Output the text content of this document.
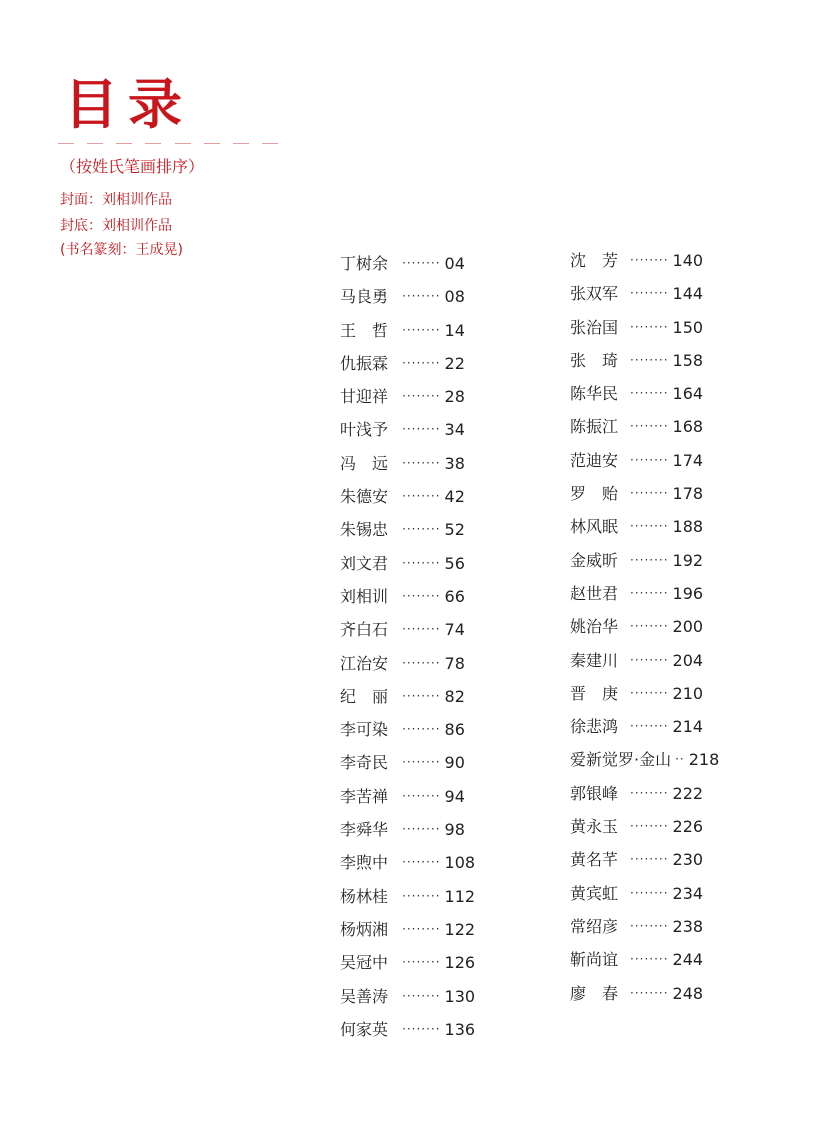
目录
（按姓氏笔画排序）
封面：刘相训作品
封底：刘相训作品
(书名篆刻：王成晃)
丁树余	········ 04
马良勇	········ 08
王　哲	········ 14
仇振霖	········ 22
甘迎祥	········ 28
叶浅予	········ 34
冯　远	········ 38
朱德安	········ 42
朱锡忠	········ 52
刘文君	········ 56
刘相训	········ 66
齐白石	········ 74
江治安	········ 78
纪　丽	········ 82
李可染	········ 86
李奇民	········ 90
李苦禅	········ 94
李舜华	········ 98
李煦中	········ 108
杨林桂	········ 112
杨炳湘	········ 122
吴冠中	········ 126
吴善涛	········ 130
何家英	········ 136
沈　芳 ········ 140
张双军 ········ 144
张治国 ········ 150
张　琦 ········ 158
陈华民 ········ 164
陈振江 ········ 168
范迪安 ········ 174
罗　贻 ········ 178
林风眠 ········ 188
金威昕 ········ 192
赵世君 ········ 196
姚治华 ········ 200
秦建川 ········ 204
晋　庚 ········ 210
徐悲鸿 ········ 214
爱新觉罗·金山 ·· 218
郭银峰 ········ 222
黄永玉 ········ 226
黄名芊 ········ 230
黄宾虹 ········ 234
常绍彦 ········ 238
靳尚谊 ········ 244
廖　春 ········ 248
